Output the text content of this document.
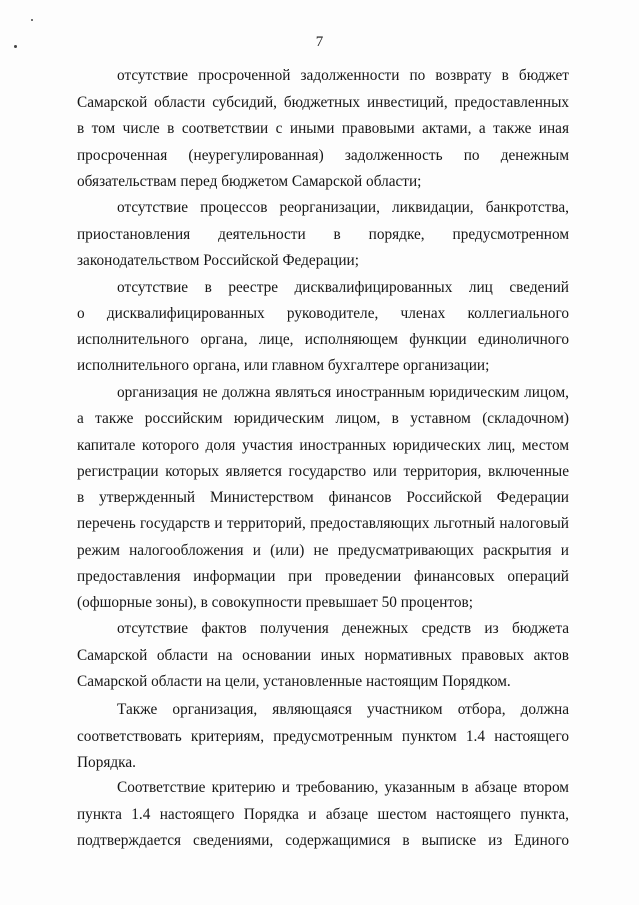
7
отсутствие просроченной задолженности по возврату в бюджет
Самарской области субсидий, бюджетных инвестиций, предоставленных
в том числе в соответствии с иными правовыми актами, а также иная
просроченная (неурегулированная) задолженность по денежным
обязательствам перед бюджетом Самарской области;
отсутствие процессов реорганизации, ликвидации, банкротства,
приостановления деятельности в порядке, предусмотренном
законодательством Российской Федерации;
отсутствие в реестре дисквалифицированных лиц сведений
о дисквалифицированных руководителе, членах коллегиального
исполнительного органа, лице, исполняющем функции единоличного
исполнительного органа, или главном бухгалтере организации;
организация не должна являться иностранным юридическим лицом,
а также российским юридическим лицом, в уставном (складочном)
капитале которого доля участия иностранных юридических лиц, местом
регистрации которых является государство или территория, включенные
в утвержденный Министерством финансов Российской Федерации
перечень государств и территорий, предоставляющих льготный налоговый
режим налогообложения и (или) не предусматривающих раскрытия и
предоставления информации при проведении финансовых операций
(офшорные зоны), в совокупности превышает 50 процентов;
отсутствие фактов получения денежных средств из бюджета
Самарской области на основании иных нормативных правовых актов
Самарской области на цели, установленные настоящим Порядком.
Также организация, являющаяся участником отбора, должна
соответствовать критериям, предусмотренным пунктом 1.4 настоящего
Порядка.
Соответствие критерию и требованию, указанным в абзаце втором
пункта 1.4 настоящего Порядка и абзаце шестом настоящего пункта,
подтверждается сведениями, содержащимися в выписке из Единого
